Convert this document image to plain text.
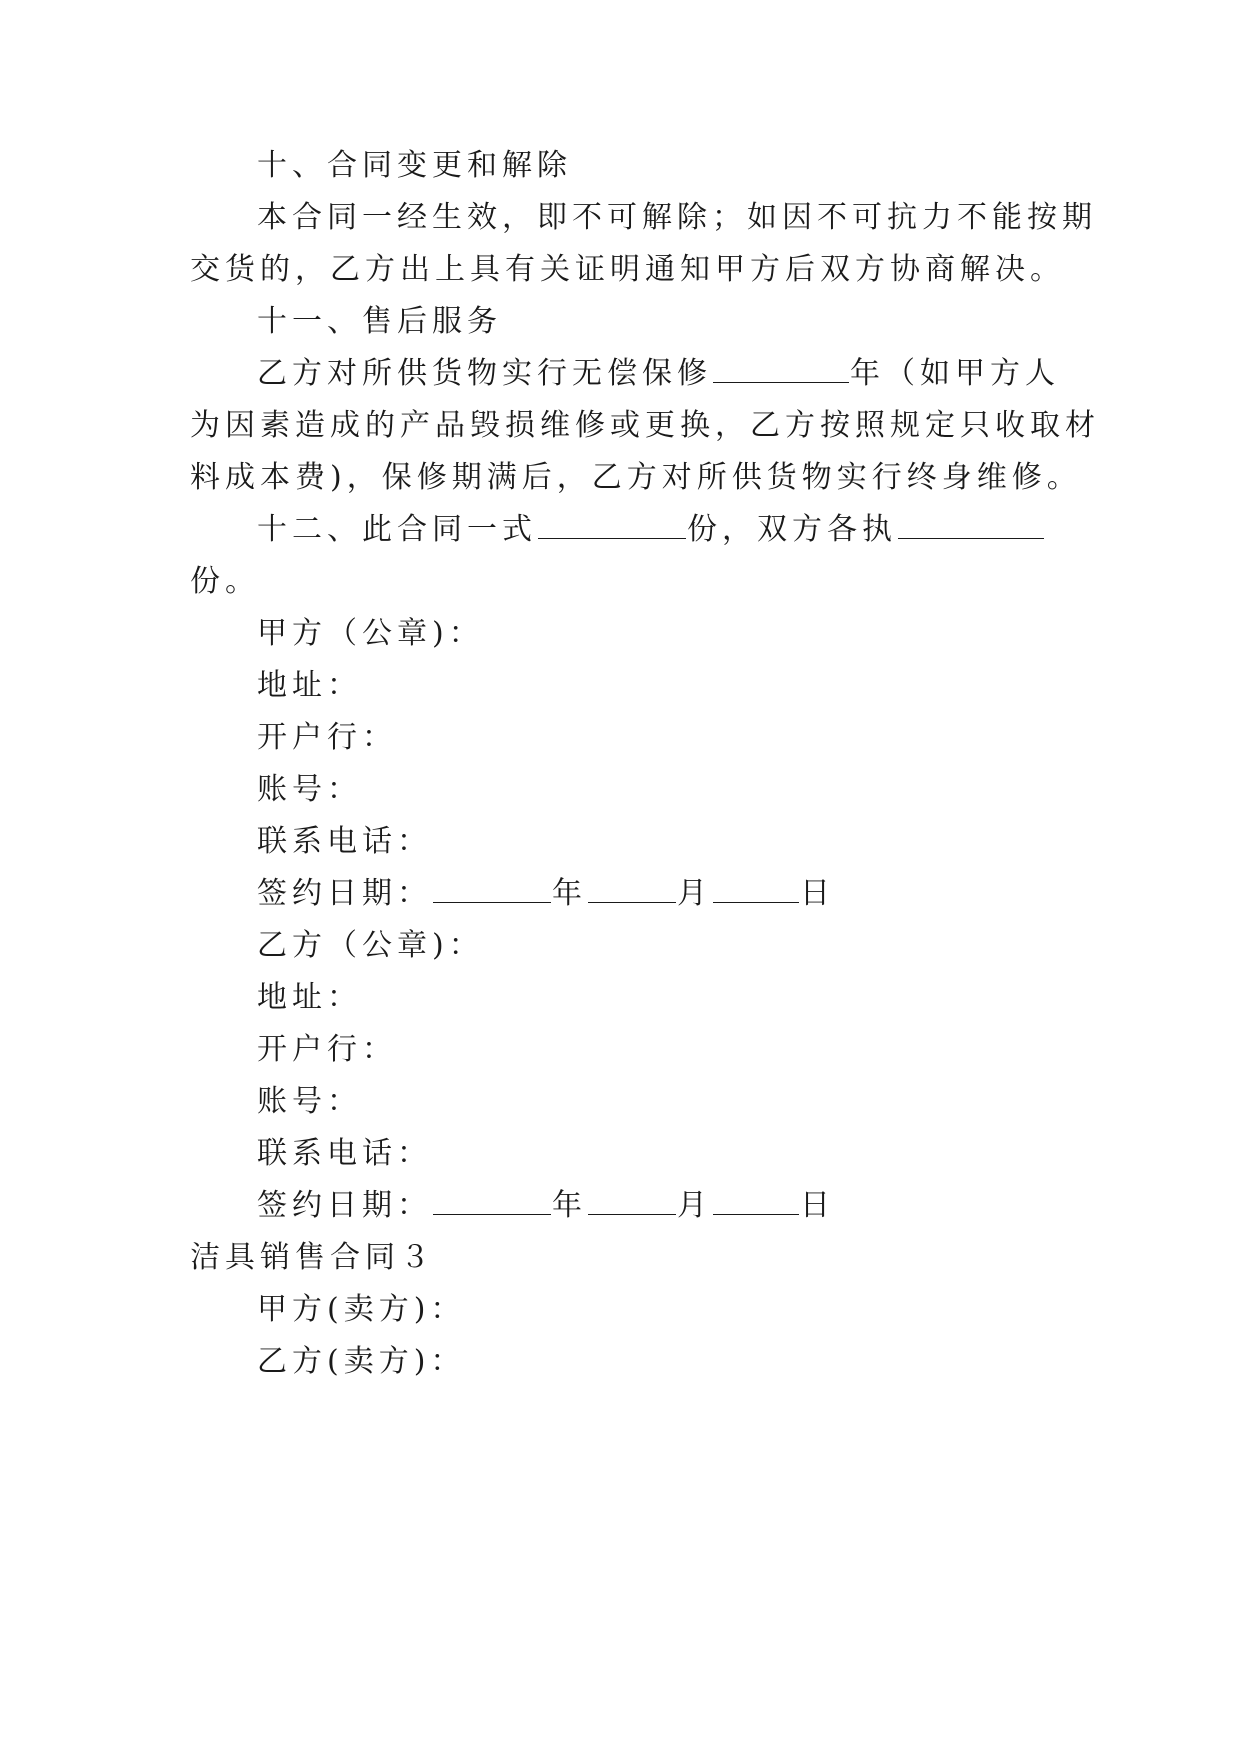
十、合同变更和解除
本合同一经生效，即不可解除；如因不可抗力不能按期
交货的，乙方出上具有关证明通知甲方后双方协商解决。
十一、售后服务
乙方对所供货物实行无偿保修	年（如甲方人
为因素造成的产品毁损维修或更换，乙方按照规定只收取材
料成本费)，保修期满后，乙方对所供货物实行终身维修。
十二、此合同一式	份，双方各执
份。
甲方（公章)：
地址：
开户行：
账号：
联系电话：
签约日期：	年	月	日
乙方（公章)：
地址：
开户行：
账号：
联系电话：
签约日期：	年	月	日
洁具销售合同３
甲方(卖方)：
乙方(卖方)：
